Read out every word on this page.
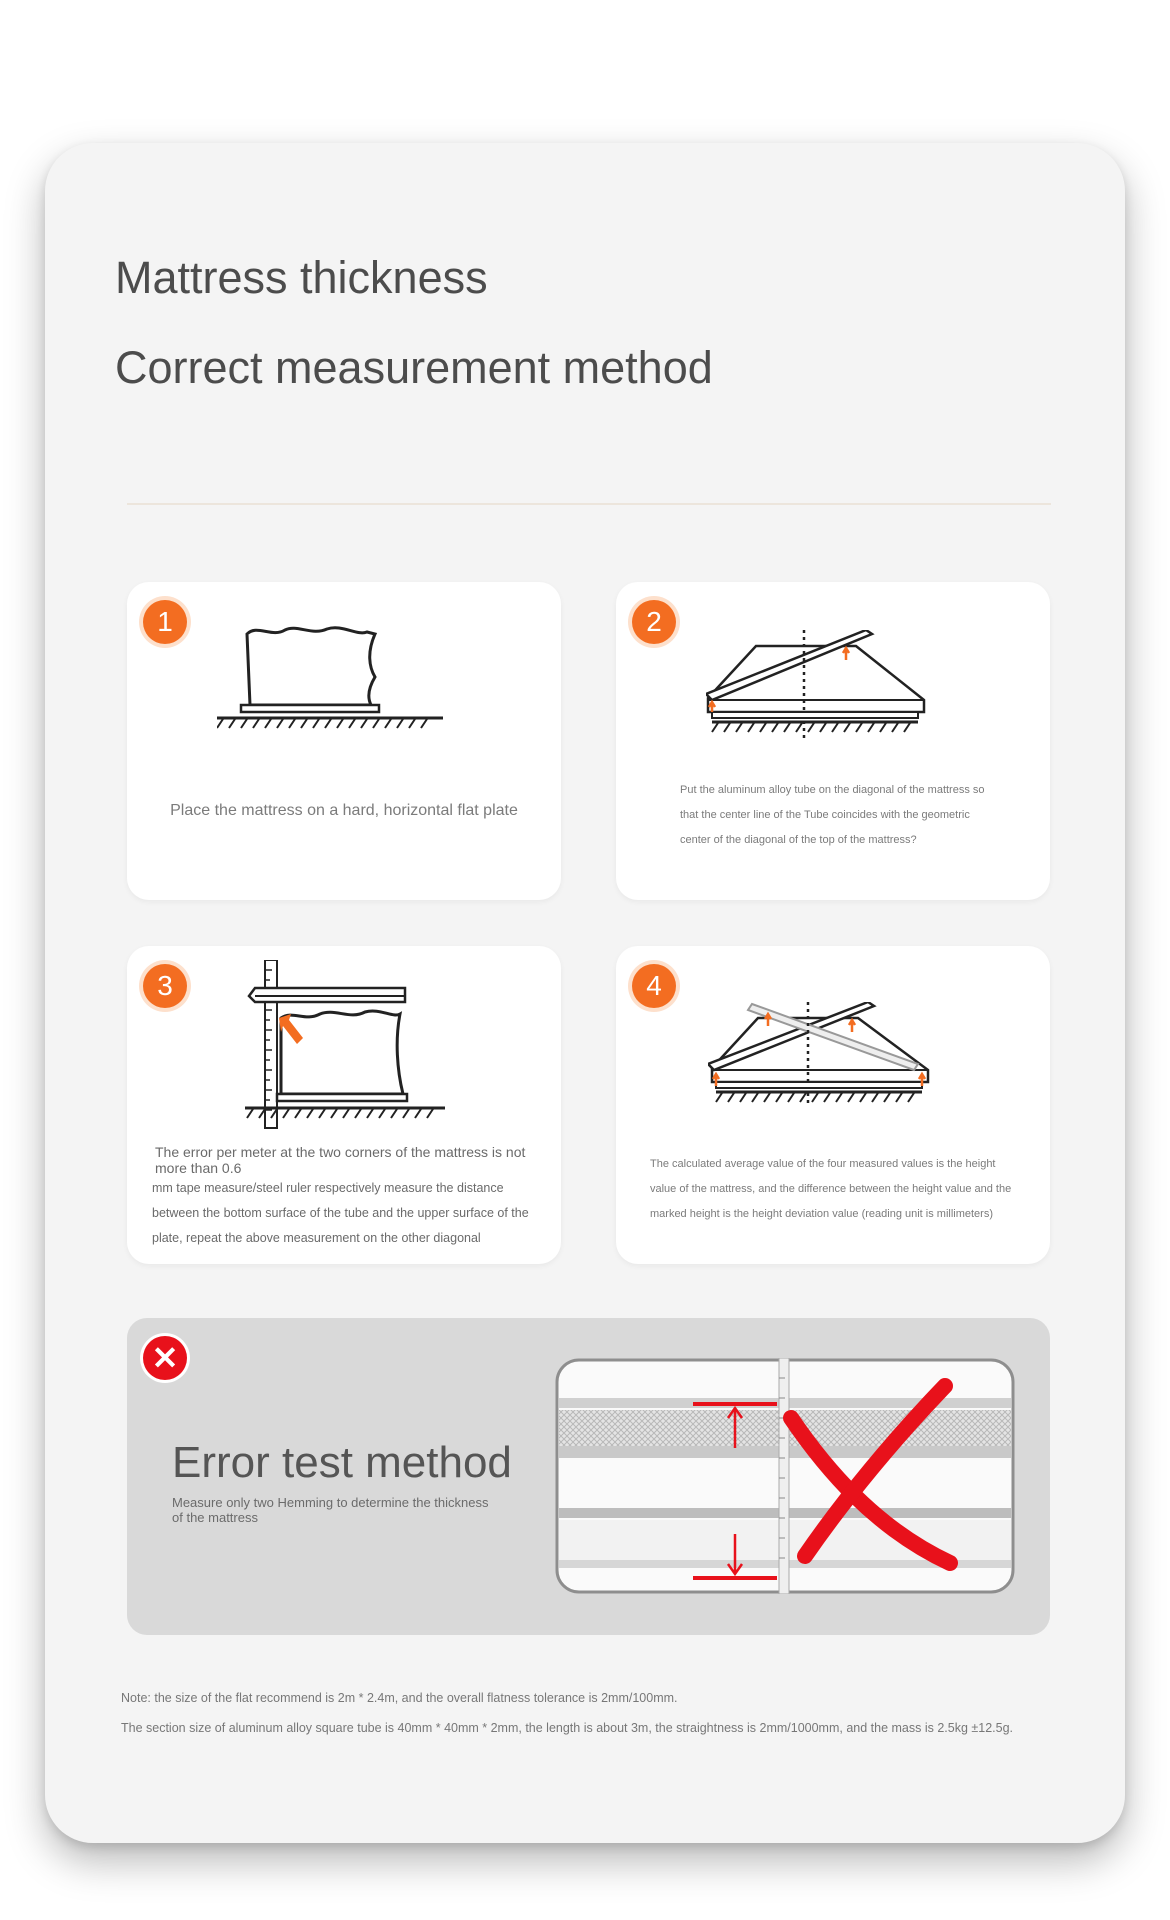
Mattress thickness
Correct measurement method
1
Place the mattress on a hard, horizontal flat plate
2
Put the aluminum alloy tube on the diagonal of the mattress so that the center line of the Tube coincides with the geometric center of the diagonal of the top of the mattress?
3
The error per meter at the two corners of the mattress is not more than 0.6
mm tape measure/steel ruler respectively measure the distance between the bottom surface of the tube and the upper surface of the plate, repeat the above measurement on the other diagonal
4
The calculated average value of the four measured values is the height value of the mattress, and the difference between the height value and the marked height is the height deviation value (reading unit is millimeters)
✕
Error test method
Measure only two Hemming to determine the thickness of the mattress
Note: the size of the flat recommend is 2m * 2.4m, and the overall flatness tolerance is 2mm/100mm.
The section size of aluminum alloy square tube is 40mm * 40mm * 2mm, the length is about 3m, the straightness is 2mm/1000mm, and the mass is 2.5kg ±12.5g.
